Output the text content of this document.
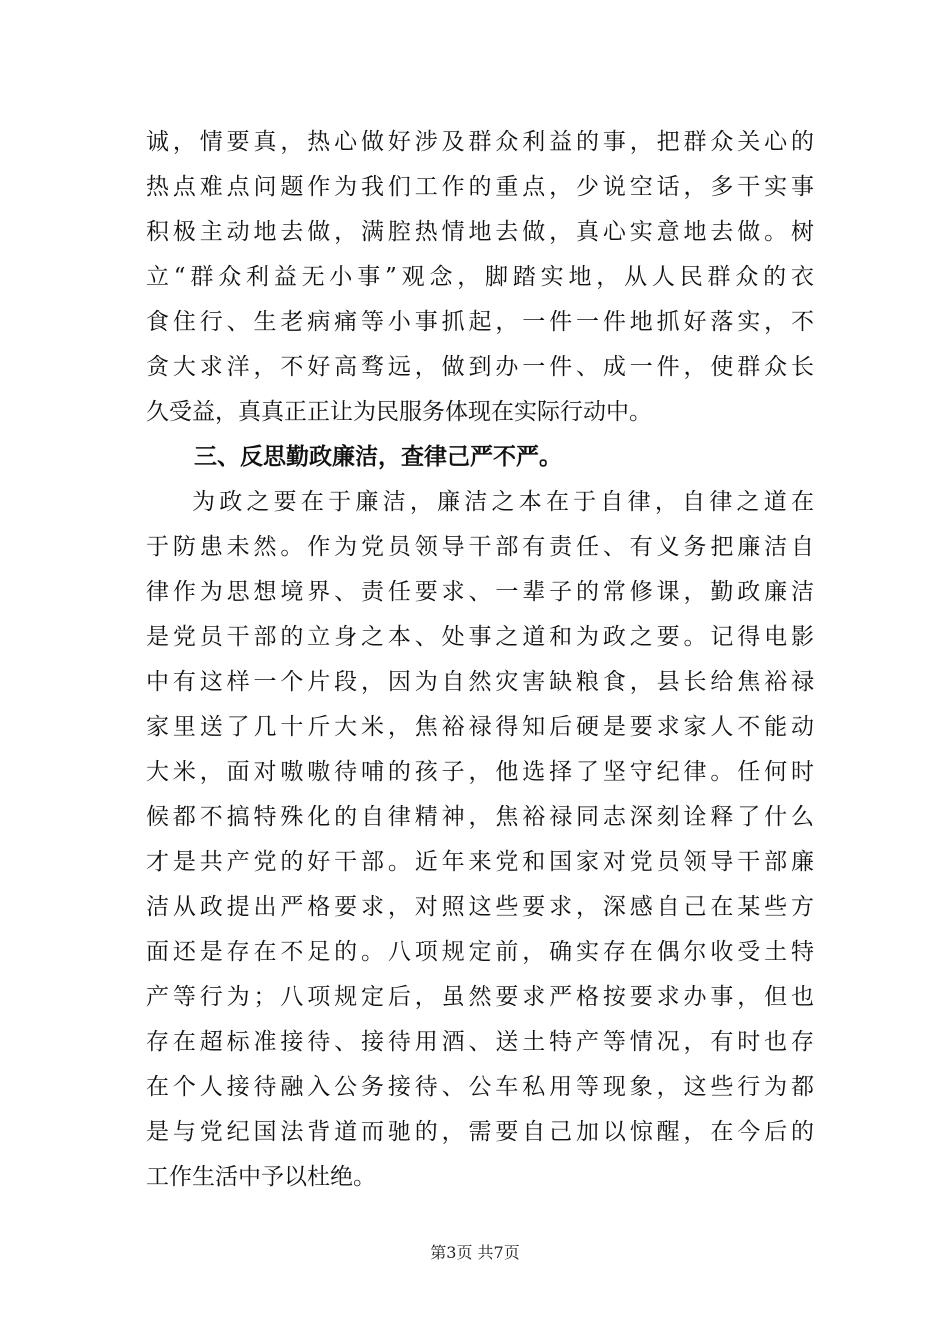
诚，情要真，热心做好涉及群众利益的事，把群众关心的
热点难点问题作为我们工作的重点，少说空话，多干实事
积极主动地去做，满腔热情地去做，真心实意地去做。树
立“群众利益无小事”观念，脚踏实地，从人民群众的衣
食住行、生老病痛等小事抓起，一件一件地抓好落实，不
贪大求洋，不好高骛远，做到办一件、成一件，使群众长
久受益，真真正正让为民服务体现在实际行动中。
三、反思勤政廉洁，查律己严不严。
为政之要在于廉洁，廉洁之本在于自律，自律之道在
于防患未然。作为党员领导干部有责任、有义务把廉洁自
律作为思想境界、责任要求、一辈子的常修课，勤政廉洁
是党员干部的立身之本、处事之道和为政之要。记得电影
中有这样一个片段，因为自然灾害缺粮食，县长给焦裕禄
家里送了几十斤大米，焦裕禄得知后硬是要求家人不能动
大米，面对嗷嗷待哺的孩子，他选择了坚守纪律。任何时
候都不搞特殊化的自律精神，焦裕禄同志深刻诠释了什么
才是共产党的好干部。近年来党和国家对党员领导干部廉
洁从政提出严格要求，对照这些要求，深感自己在某些方
面还是存在不足的。八项规定前，确实存在偶尔收受土特
产等行为；八项规定后，虽然要求严格按要求办事，但也
存在超标准接待、接待用酒、送土特产等情况，有时也存
在个人接待融入公务接待、公车私用等现象，这些行为都
是与党纪国法背道而驰的，需要自己加以惊醒，在今后的
工作生活中予以杜绝。
第3页 共7页
